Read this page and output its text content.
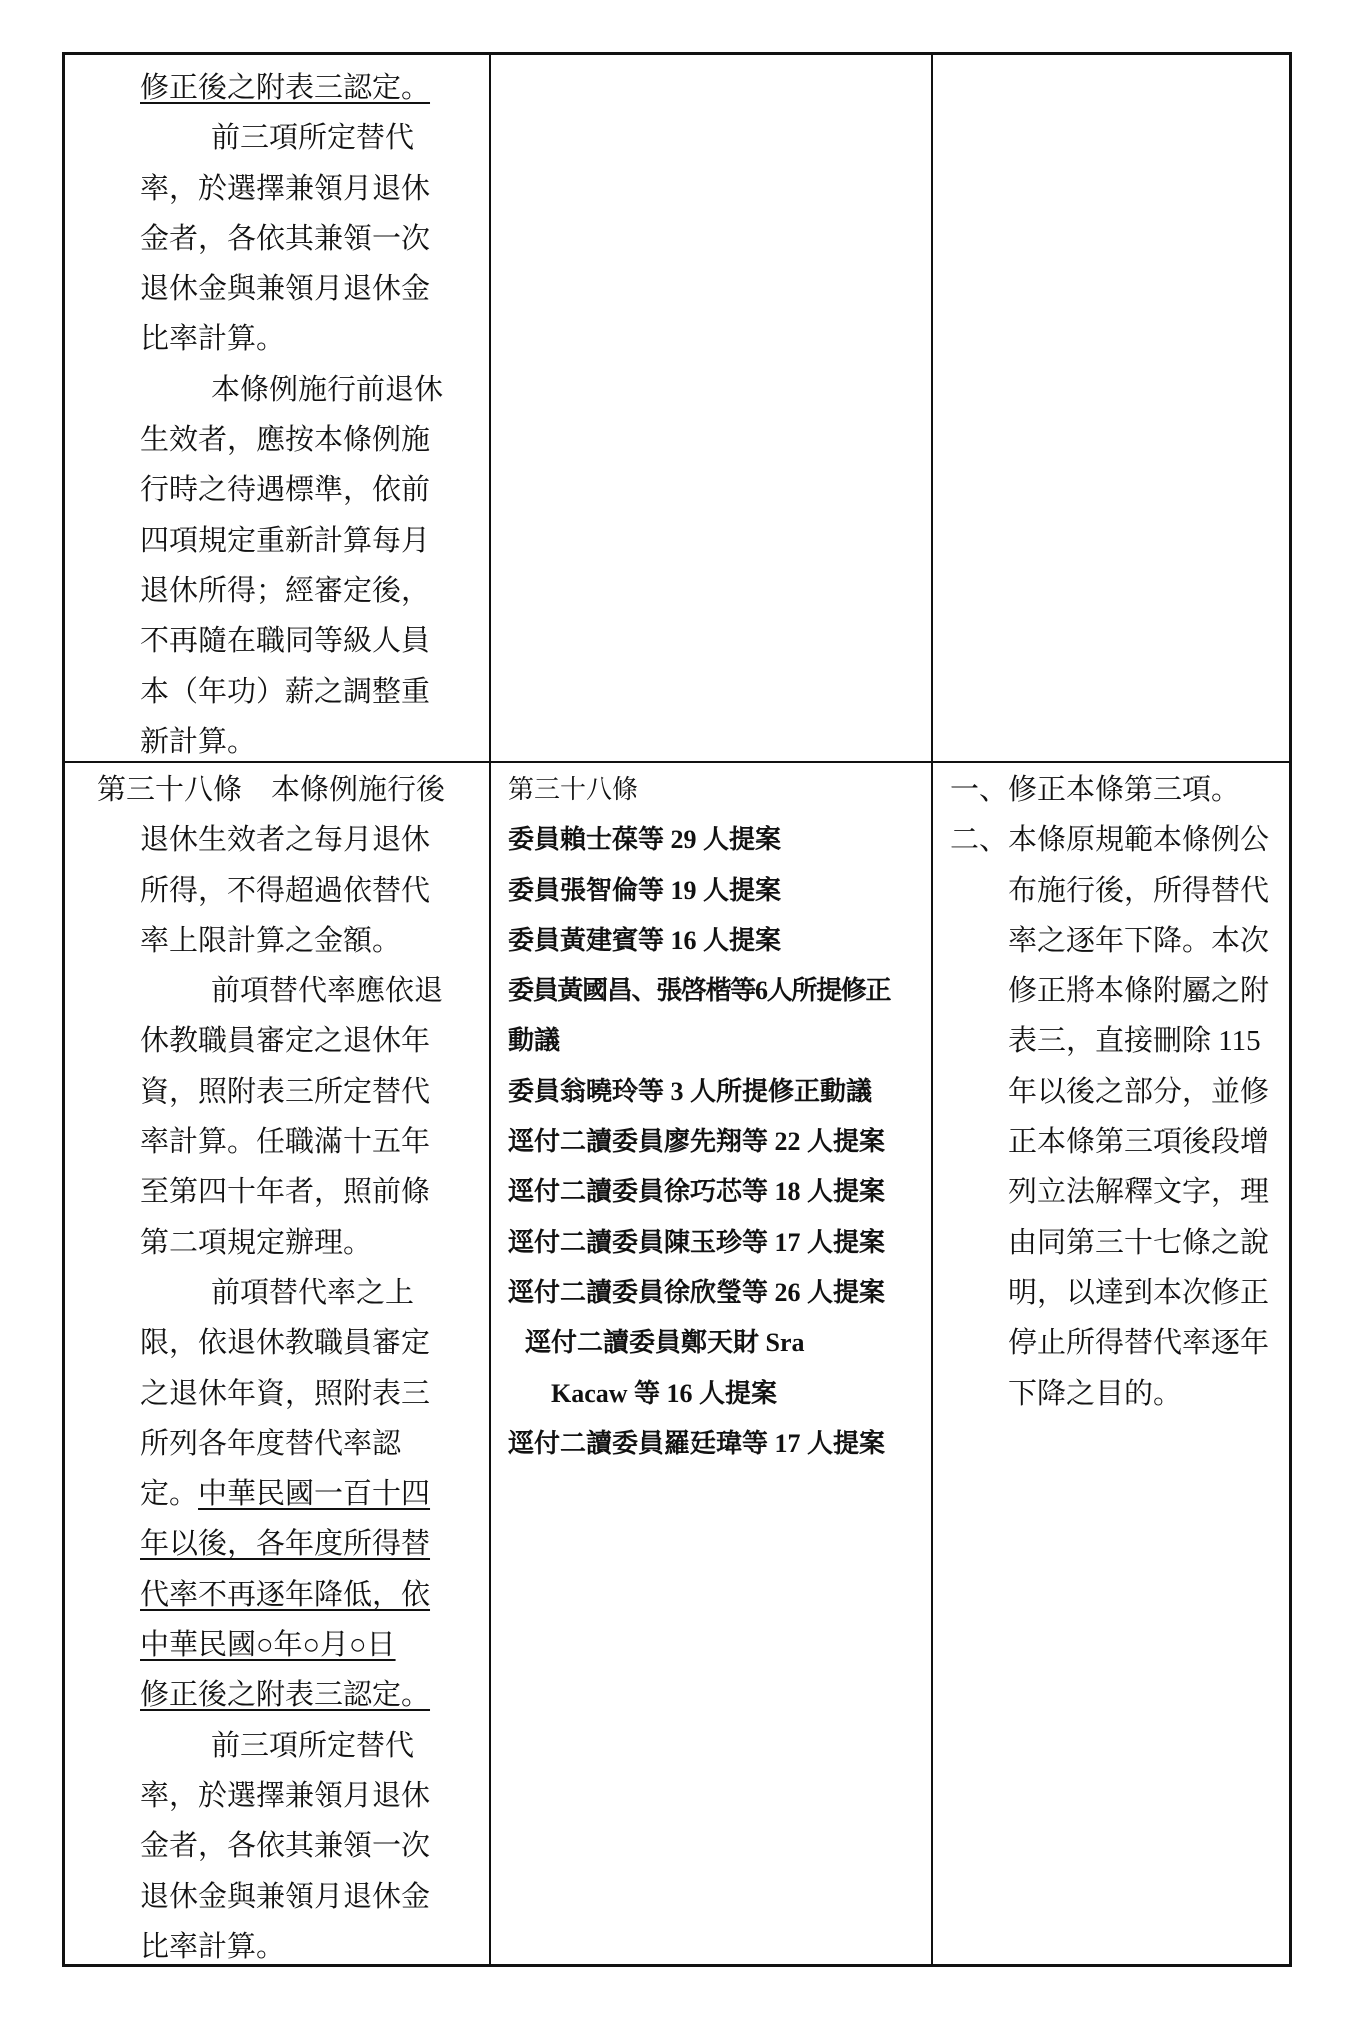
修正後之附表三認定。
前三項所定替代
率，於選擇兼領月退休
金者，各依其兼領一次
退休金與兼領月退休金
比率計算。
本條例施行前退休
生效者，應按本條例施
行時之待遇標準，依前
四項規定重新計算每月
退休所得；經審定後，
不再隨在職同等級人員
本（年功）薪之調整重
新計算。
第三十八條　本條例施行後
退休生效者之每月退休
所得，不得超過依替代
率上限計算之金額。
前項替代率應依退
休教職員審定之退休年
資，照附表三所定替代
率計算。任職滿十五年
至第四十年者，照前條
第二項規定辦理。
前項替代率之上
限，依退休教職員審定
之退休年資，照附表三
所列各年度替代率認
定。中華民國一百十四
年以後，各年度所得替
代率不再逐年降低，依
中華民國○年○月○日
修正後之附表三認定。
前三項所定替代
率，於選擇兼領月退休
金者，各依其兼領一次
退休金與兼領月退休金
比率計算。
第三十八條
委員賴士葆等 29 人提案
委員張智倫等 19 人提案
委員黃建賓等 16 人提案
委員黃國昌、張啓楷等6人所提修正
動議
委員翁曉玲等 3 人所提修正動議
逕付二讀委員廖先翔等 22 人提案
逕付二讀委員徐巧芯等 18 人提案
逕付二讀委員陳玉珍等 17 人提案
逕付二讀委員徐欣瑩等 26 人提案
逕付二讀委員鄭天財 Sra
Kacaw 等 16 人提案
逕付二讀委員羅廷瑋等 17 人提案
一、修正本條第三項。
二、本條原規範本條例公
布施行後，所得替代
率之逐年下降。本次
修正將本條附屬之附
表三，直接刪除 115
年以後之部分，並修
正本條第三項後段增
列立法解釋文字，理
由同第三十七條之說
明，以達到本次修正
停止所得替代率逐年
下降之目的。
